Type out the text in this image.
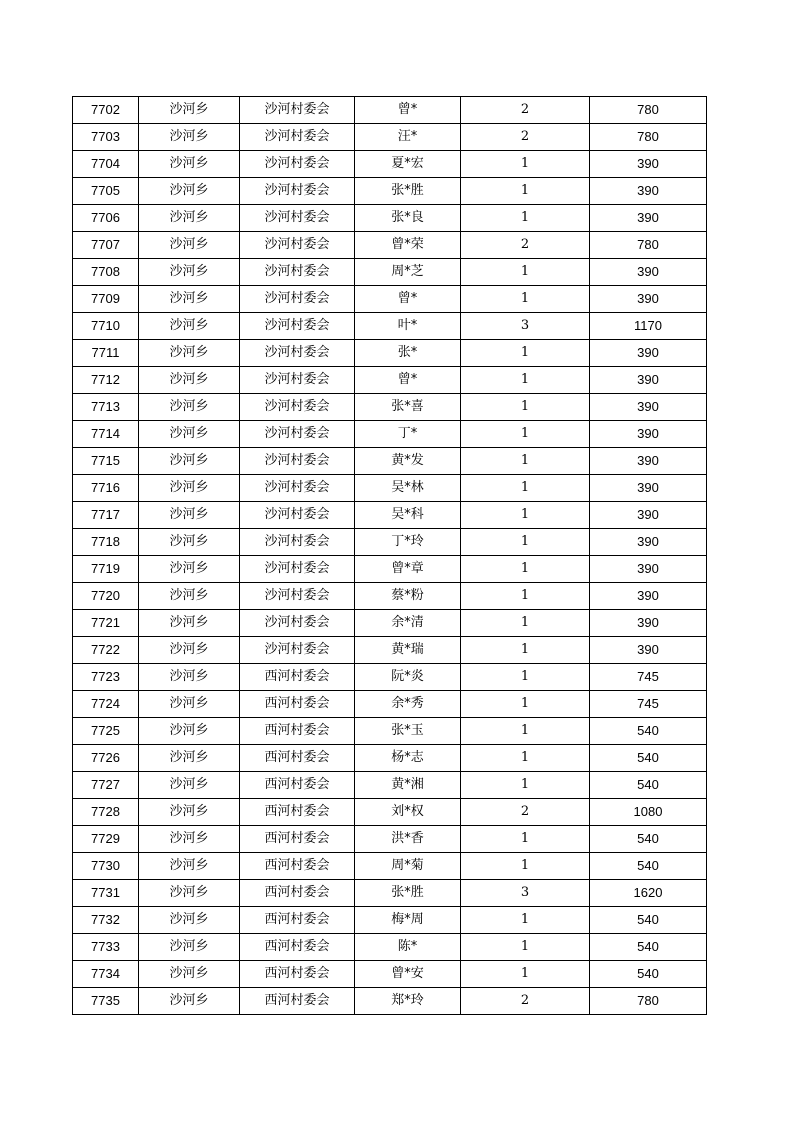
7702	沙河乡	沙河村委会	曾*	2	780
7703	沙河乡	沙河村委会	汪*	2	780
7704	沙河乡	沙河村委会	夏*宏	1	390
7705	沙河乡	沙河村委会	张*胜	1	390
7706	沙河乡	沙河村委会	张*良	1	390
7707	沙河乡	沙河村委会	曾*荣	2	780
7708	沙河乡	沙河村委会	周*芝	1	390
7709	沙河乡	沙河村委会	曾*	1	390
7710	沙河乡	沙河村委会	叶*	3	1170
7711	沙河乡	沙河村委会	张*	1	390
7712	沙河乡	沙河村委会	曾*	1	390
7713	沙河乡	沙河村委会	张*喜	1	390
7714	沙河乡	沙河村委会	丁*	1	390
7715	沙河乡	沙河村委会	黄*发	1	390
7716	沙河乡	沙河村委会	吴*林	1	390
7717	沙河乡	沙河村委会	吴*科	1	390
7718	沙河乡	沙河村委会	丁*玲	1	390
7719	沙河乡	沙河村委会	曾*章	1	390
7720	沙河乡	沙河村委会	蔡*粉	1	390
7721	沙河乡	沙河村委会	余*清	1	390
7722	沙河乡	沙河村委会	黄*瑞	1	390
7723	沙河乡	西河村委会	阮*炎	1	745
7724	沙河乡	西河村委会	余*秀	1	745
7725	沙河乡	西河村委会	张*玉	1	540
7726	沙河乡	西河村委会	杨*志	1	540
7727	沙河乡	西河村委会	黄*湘	1	540
7728	沙河乡	西河村委会	刘*权	2	1080
7729	沙河乡	西河村委会	洪*香	1	540
7730	沙河乡	西河村委会	周*菊	1	540
7731	沙河乡	西河村委会	张*胜	3	1620
7732	沙河乡	西河村委会	梅*周	1	540
7733	沙河乡	西河村委会	陈*	1	540
7734	沙河乡	西河村委会	曾*安	1	540
7735	沙河乡	西河村委会	郑*玲	2	780
